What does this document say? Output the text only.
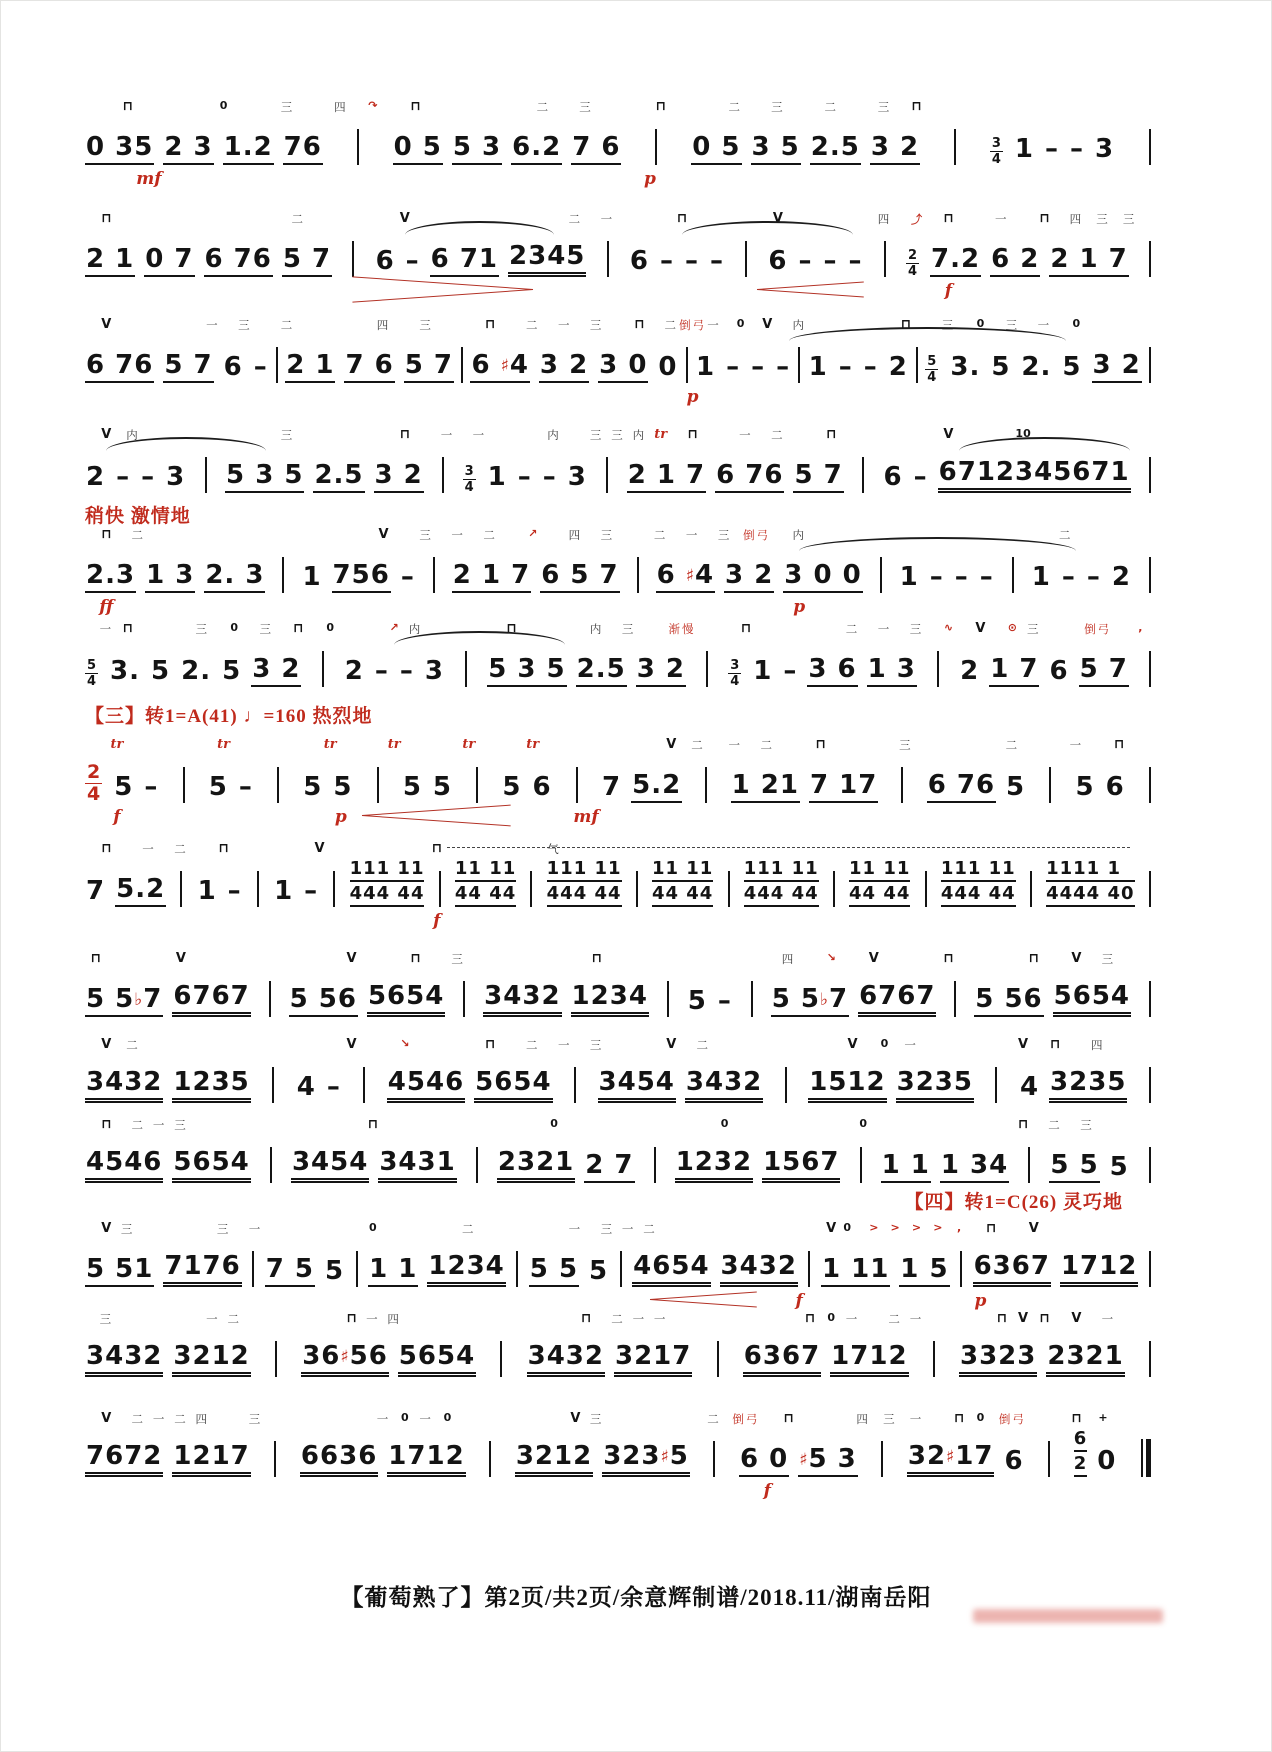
0 35 2 3 1.2 76	0 5 5 3 6.2 7 6	0 5 3 5 2.5 3 2	$\frac{3}{4} 1$ – – 3
⊓	0	三	四 ↷	⊓	二	三	⊓	二	三	二	三 ⊓
mf	p
2 1 0 7 6 76 5 7 6 – 6 71 2345 6 – – – 6 – – –	$\frac{2}{4} 7.2$ 6 2 2 1 7
⊓	二	V	二 一	⊓	V	四 ⤴ ⊓	一 ⊓ 四 三 三
f
6 76 5 7 6 – 2 1 7 6 5 7 6 ♯4 3 2 3 0 0 1 – – – 1 – – $2 \frac{5}{4} 3$. 5 2. 5 3 2
V	一 三	二	四	三	⊓	二 一 三 ⊓ 二	一 0 V
倒弓	内	⊓	三 0 三 一 0
p
2 – – 3 5 3 5 2.5 3 2	$\frac{3}{4} 1$ – – 3 2 1 7 6 76 5 7 6 – 6712345671
V 内	三	⊓	一 一	内	三 三 内	⊓
tr	一 二	⊓	V	10
稍快 激情地
2.3 1 3 2. 3 1 756 – 2 1 7 6 5 7 6 ♯4 3 2 3 0 0 1 – – – 1 – – 2
⊓ 二	V	三 一 二	↗	四 三	二 一 三 倒弓 内	二
ff	p
$\frac{5}{4} 3$. 5 2. 5 3 2 2 – – 3 5 3 5 2.5 3 2	$\frac{3}{4} 1 - 3$ 6 1 3 2 1 7 6 5 7
一 ⊓	三 0 三 ⊓ 0	↗ 内	⊓	内 三	渐慢	⊓	二 一 三 ∿ V ⊙ 三	倒弓 ,
【三】转1=A(41) ♩=160 热烈地
$\frac{2}{4} 5 - 5 - 5$ 5 5 5 5 6 7 5.2 1 21 7 17 6 76 5 5 6
tr	tr	tr	tr	tr	tr	V 二 一 二	⊓	三	二	一 ⊓
f	p	mf
7 5.2 1 – 1 –
111 11
444 44
11 11
44 44
111 11
444 44
11 11
44 44
111 11
444 44
11 11
44 44
111 11
444 44
1111 1
4444 40
⊓	一 二 ⊓	V	⊓	气
f
5 5♭7 6767 5 56 5654 3432 1234 5 – 5 5♭7 6767 5 56 5654
⊓	V	V	⊓	三	⊓	四	↘	V	⊓	⊓ V 三
3432 1235 4 – 4546 5654 3454 3432 1512 3235 4 3235
V 二	V	↘	⊓	二 一 三	V 二	V 0 一	V ⊓	四
4546 5654 3454 3431 2321 2 7 1232 1567 1 1 1 34 5 5 5
⊓ 二 一 三	⊓	0	0	0	⊓ 二 三
【四】转1=C(26) 灵巧地
5 51 7176 7 5 5 1 1 1234 5 5 5 4654 3432 1 11 1 5 6367 1712
V 三	三 一	0	二	一 三 一 二	V 0 > > > > , ⊓ V
f	p
3432 3212 36♯56 5654 3432 3217 6367 1712 3323 2321
三	一 二	⊓ 一 四	⊓ 二 一 一	⊓ 0 一	二 一	⊓ V ⊓ V 一
7672 1217 6636 1712 3212 323♯5 6 0 ♯5 3 32♯17 6
6
2 0
V 二 一 二 四	三	一 0 一 0	V 三	二 倒弓 ⊓	四 三 一 ⊓ 0 倒弓	⊓ +
f
【葡萄熟了】第2页/共2页/余意辉制谱/2018.11/湖南岳阳
